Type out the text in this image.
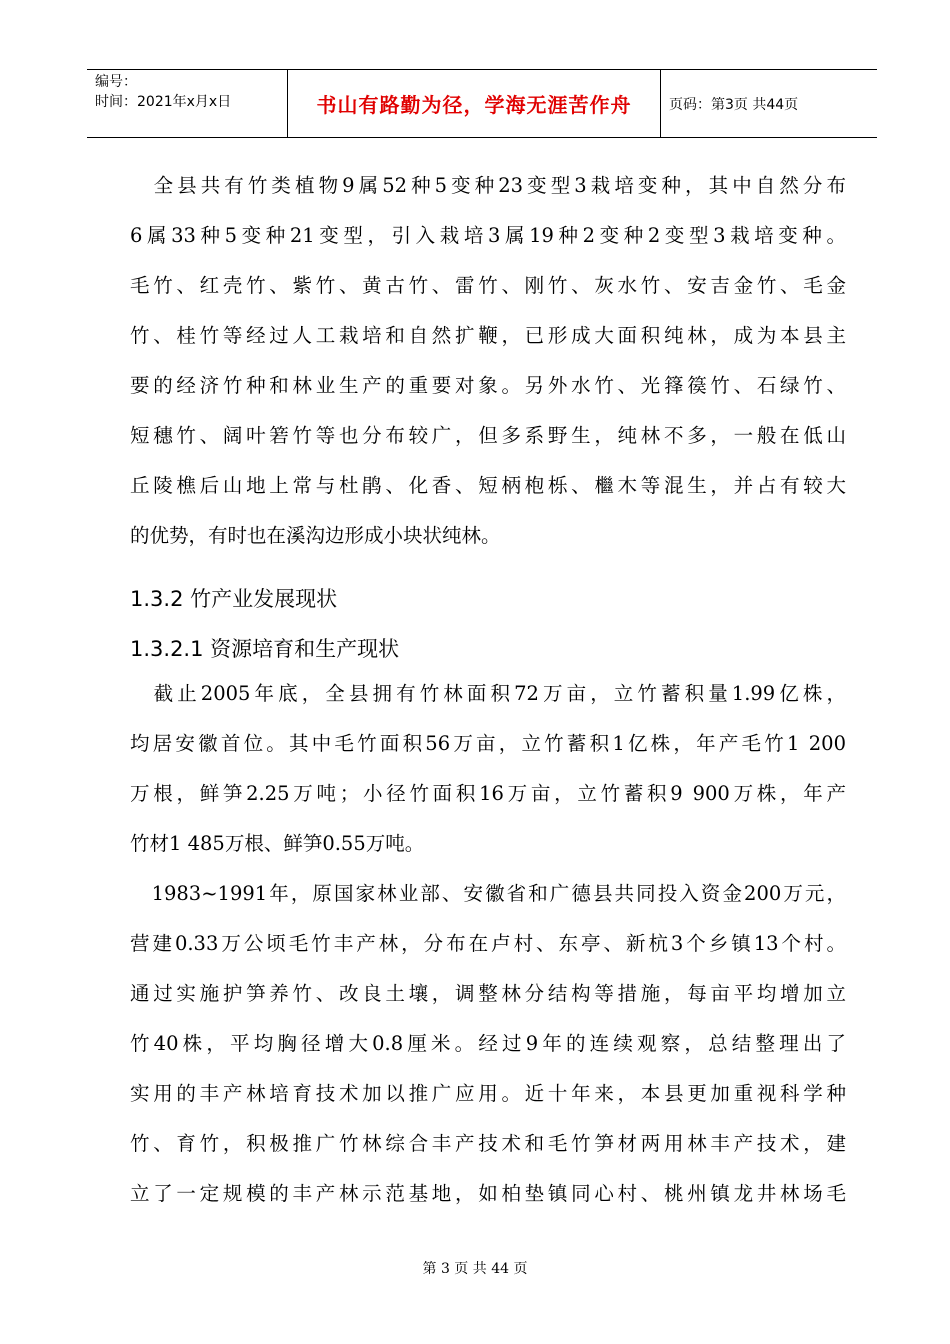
编号：
时间：2021年x月x日	书山有路勤为径，学海无涯苦作舟	页码：第3页 共44页
　全县共有竹类植物9属52种5变种23变型3栽培变种，其中自然分布
6属33种5变种21变型，引入栽培3属19种2变种2变型3栽培变种。
毛竹、红壳竹、紫竹、黄古竹、雷竹、刚竹、灰水竹、安吉金竹、毛金
竹、桂竹等经过人工栽培和自然扩鞭，已形成大面积纯林，成为本县主
要的经济竹种和林业生产的重要对象。另外水竹、光箨篌竹、石绿竹、
短穗竹、阔叶箬竹等也分布较广，但多系野生，纯林不多，一般在低山
丘陵樵后山地上常与杜鹃、化香、短柄枹栎、檵木等混生，并占有较大
的优势，有时也在溪沟边形成小块状纯林。
1.3.2 竹产业发展现状
1.3.2.1 资源培育和生产现状
　截止2005年底，全县拥有竹林面积72万亩，立竹蓄积量1.99亿株，
均居安徽首位。其中毛竹面积56万亩，立竹蓄积1亿株，年产毛竹1 200
万根，鲜笋2.25万吨；小径竹面积16万亩，立竹蓄积9 900万株，年产
竹材1 485万根、鲜笋0.55万吨。
　1983~1991年，原国家林业部、安徽省和广德县共同投入资金200万元，
营建0.33万公顷毛竹丰产林，分布在卢村、东亭、新杭3个乡镇13个村。
通过实施护笋养竹、改良土壤，调整林分结构等措施，每亩平均增加立
竹40株，平均胸径增大0.8厘米。经过9年的连续观察，总结整理出了
实用的丰产林培育技术加以推广应用。近十年来，本县更加重视科学种
竹、育竹，积极推广竹林综合丰产技术和毛竹笋材两用林丰产技术，建
立了一定规模的丰产林示范基地，如柏垫镇同心村、桃州镇龙井林场毛
第 3 页 共 44 页
